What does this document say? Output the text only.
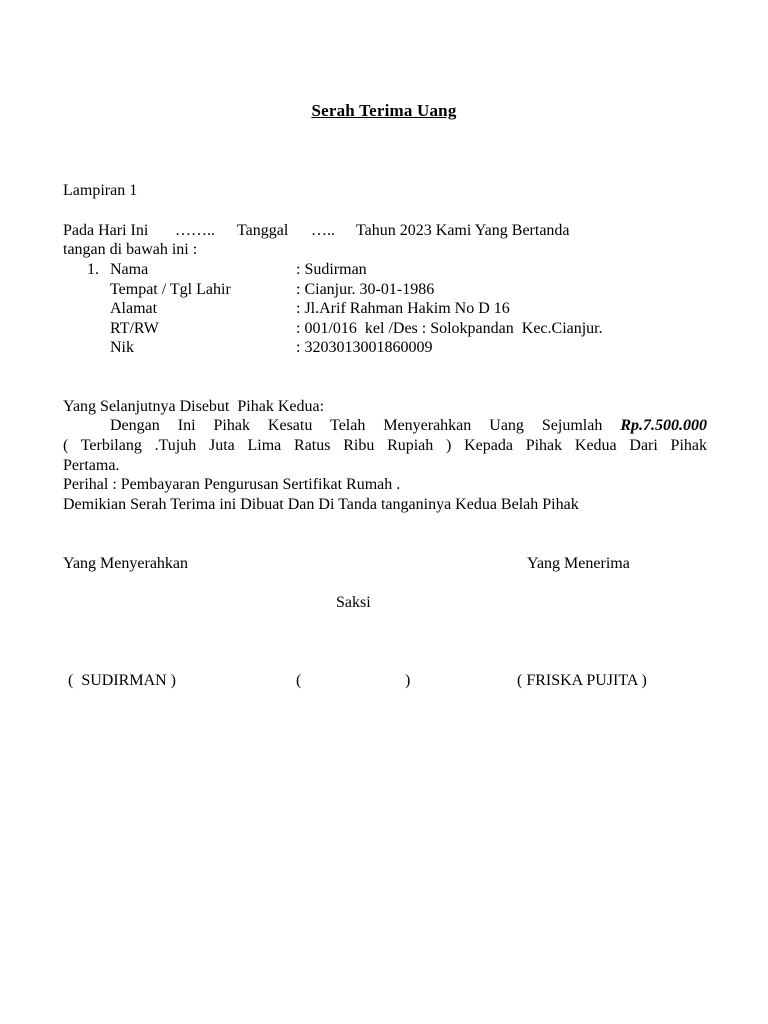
Serah Terima Uang
Lampiran 1
Pada Hari Ini …….. Tanggal ….. Tahun 2023 Kami Yang Bertanda
tangan di bawah ini :
1. Nama	: Sudirman
Tempat / Tgl Lahir	: Cianjur. 30-01-1986
Alamat	: Jl.Arif Rahman Hakim No D 16
RT/RW	: 001/016  kel /Des : Solokpandan  Kec.Cianjur.
Nik	: 3203013001860009
Yang Selanjutnya Disebut  Pihak Kedua:
Dengan Ini Pihak Kesatu Telah Menyerahkan Uang Sejumlah Rp.7.500.000
( Terbilang .Tujuh Juta Lima Ratus Ribu Rupiah ) Kepada Pihak Kedua Dari Pihak
Pertama.
Perihal : Pembayaran Pengurusan Sertifikat Rumah .
Demikian Serah Terima ini Dibuat Dan Di Tanda tanganinya Kedua Belah Pihak
Yang Menyerahkan	Yang Menerima
Saksi
(  SUDIRMAN )	(	)	( FRISKA PUJITA )
